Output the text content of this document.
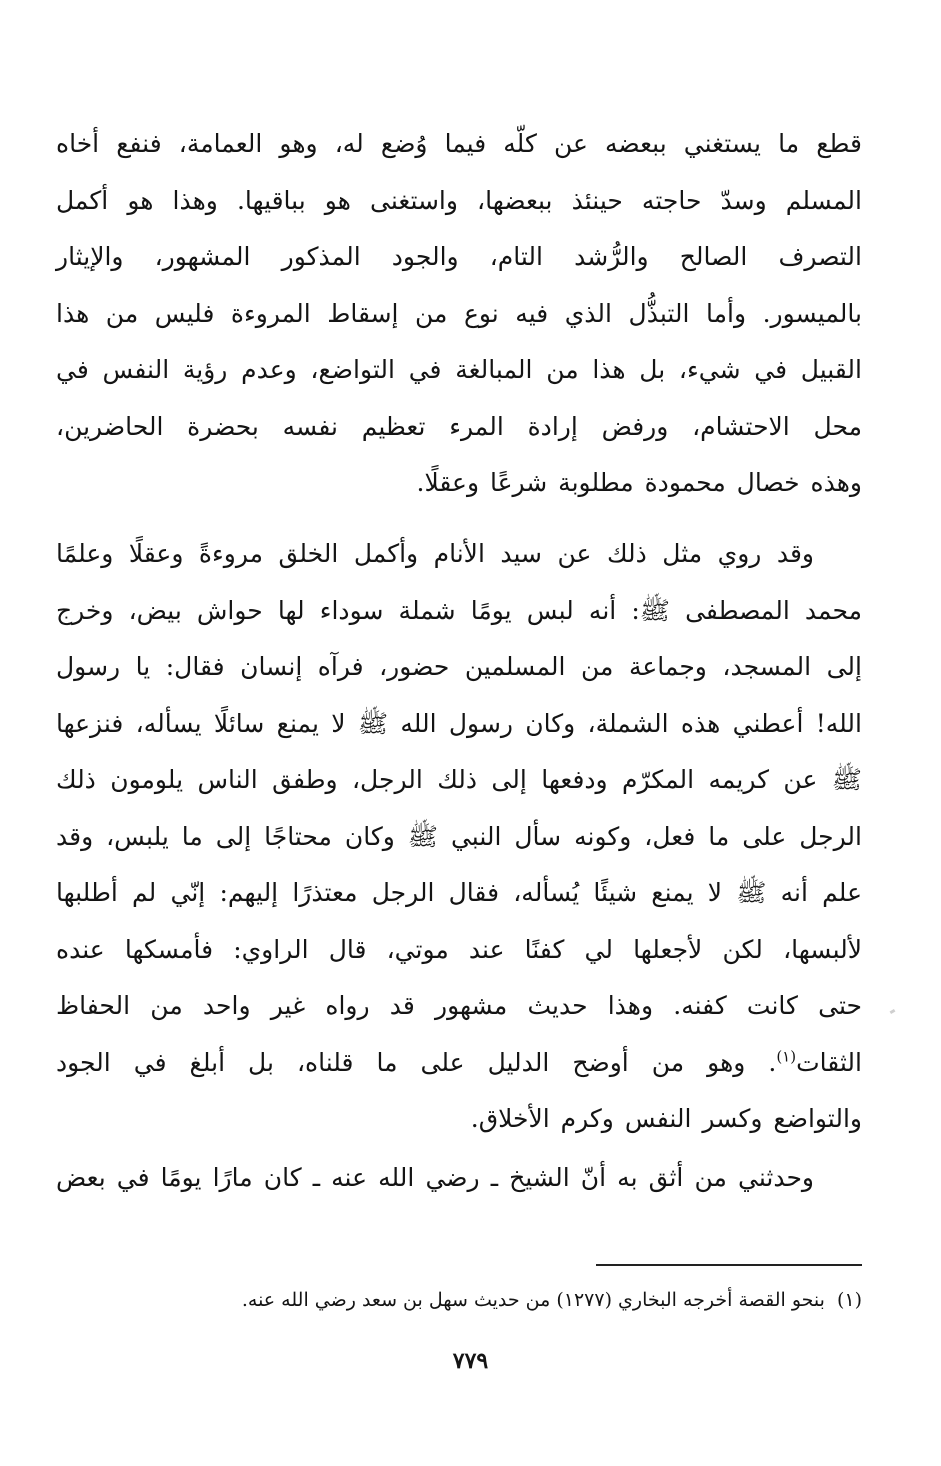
قطع ما يستغني ببعضه عن كلّه فيما وُضع له، وهو العمامة، فنفع أخاه
المسلم وسدّ حاجته حينئذ ببعضها، واستغنى هو بباقيها. وهذا هو أكمل
التصرف الصالح والرُّشد التام، والجود المذكور المشهور، والإيثار
بالميسور. وأما التبذُّل الذي فيه نوع من إسقاط المروءة فليس من هذا
القبيل في شيء، بل هذا من المبالغة في التواضع، وعدم رؤية النفس في
محل الاحتشام، ورفض إرادة المرء تعظيم نفسه بحضرة الحاضرين،
وهذه خصال محمودة مطلوبة شرعًا وعقلًا.
وقد روي مثل ذلك عن سيد الأنام وأكمل الخلق مروءةً وعقلًا وعلمًا
محمد المصطفى ﷺ: أنه لبس يومًا شملة سوداء لها حواش بيض، وخرج
إلى المسجد، وجماعة من المسلمين حضور، فرآه إنسان فقال: يا رسول
الله! أعطني هذه الشملة، وكان رسول الله ﷺ لا يمنع سائلًا يسأله، فنزعها
ﷺ عن كريمه المكرّم ودفعها إلى ذلك الرجل، وطفق الناس يلومون ذلك
الرجل على ما فعل، وكونه سأل النبي ﷺ وكان محتاجًا إلى ما يلبس، وقد
علم أنه ﷺ لا يمنع شيئًا يُسأله، فقال الرجل معتذرًا إليهم: إنّي لم أطلبها
لألبسها، لكن لأجعلها لي كفنًا عند موتي، قال الراوي: فأمسكها عنده
حتى كانت كفنه. وهذا حديث مشهور قد رواه غير واحد من الحفاظ
الثقات$^{(١)}$. وهو من أوضح الدليل على ما قلناه، بل أبلغ في الجود
والتواضع وكسر النفس وكرم الأخلاق.
وحدثني من أثق به أنّ الشيخ ـ رضي الله عنه ـ كان مارًا يومًا في بعض
(١)بنحو القصة أخرجه البخاري (١٢٧٧) من حديث سهل بن سعد رضي الله عنه.
٧٧٩
